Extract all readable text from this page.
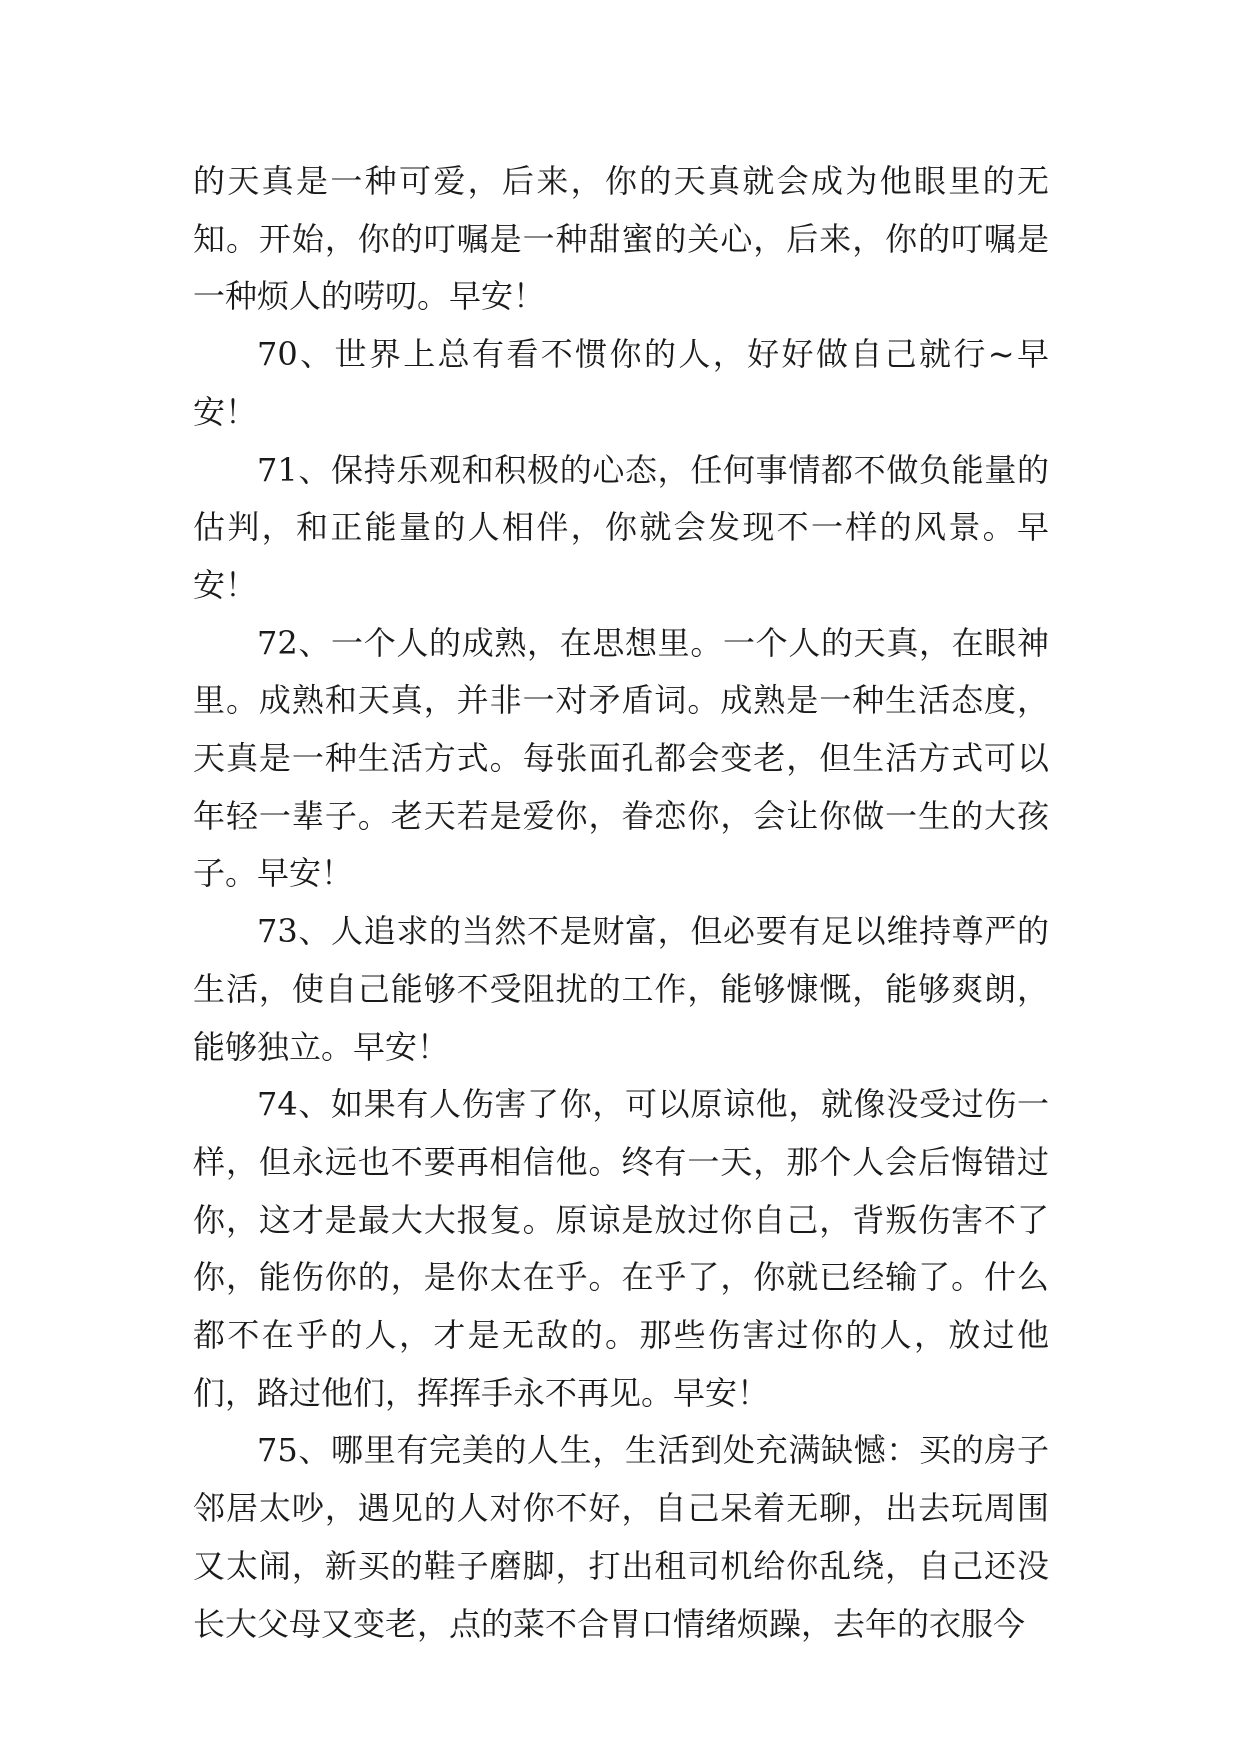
的天真是一种可爱，后来，你的天真就会成为他眼里的无知。开始，你的叮嘱是一种甜蜜的关心，后来，你的叮嘱是一种烦人的唠叨。早安！

70、世界上总有看不惯你的人，好好做自己就行~早安！

71、保持乐观和积极的心态，任何事情都不做负能量的估判，和正能量的人相伴，你就会发现不一样的风景。早安！

72、一个人的成熟，在思想里。一个人的天真，在眼神里。成熟和天真，并非一对矛盾词。成熟是一种生活态度，天真是一种生活方式。每张面孔都会变老，但生活方式可以年轻一辈子。老天若是爱你，眷恋你，会让你做一生的大孩子。早安！

73、人追求的当然不是财富，但必要有足以维持尊严的生活，使自己能够不受阻扰的工作，能够慷慨，能够爽朗，能够独立。早安！

74、如果有人伤害了你，可以原谅他，就像没受过伤一样，但永远也不要再相信他。终有一天，那个人会后悔错过你，这才是最大大报复。原谅是放过你自己，背叛伤害不了你，能伤你的，是你太在乎。在乎了，你就已经输了。什么都不在乎的人，才是无敌的。那些伤害过你的人，放过他们，路过他们，挥挥手永不再见。早安！

75、哪里有完美的人生，生活到处充满缺憾：买的房子邻居太吵，遇见的人对你不好，自己呆着无聊，出去玩周围又太闹，新买的鞋子磨脚，打出租司机给你乱绕，自己还没长大父母又变老，点的菜不合胃口情绪烦躁，去年的衣服今
